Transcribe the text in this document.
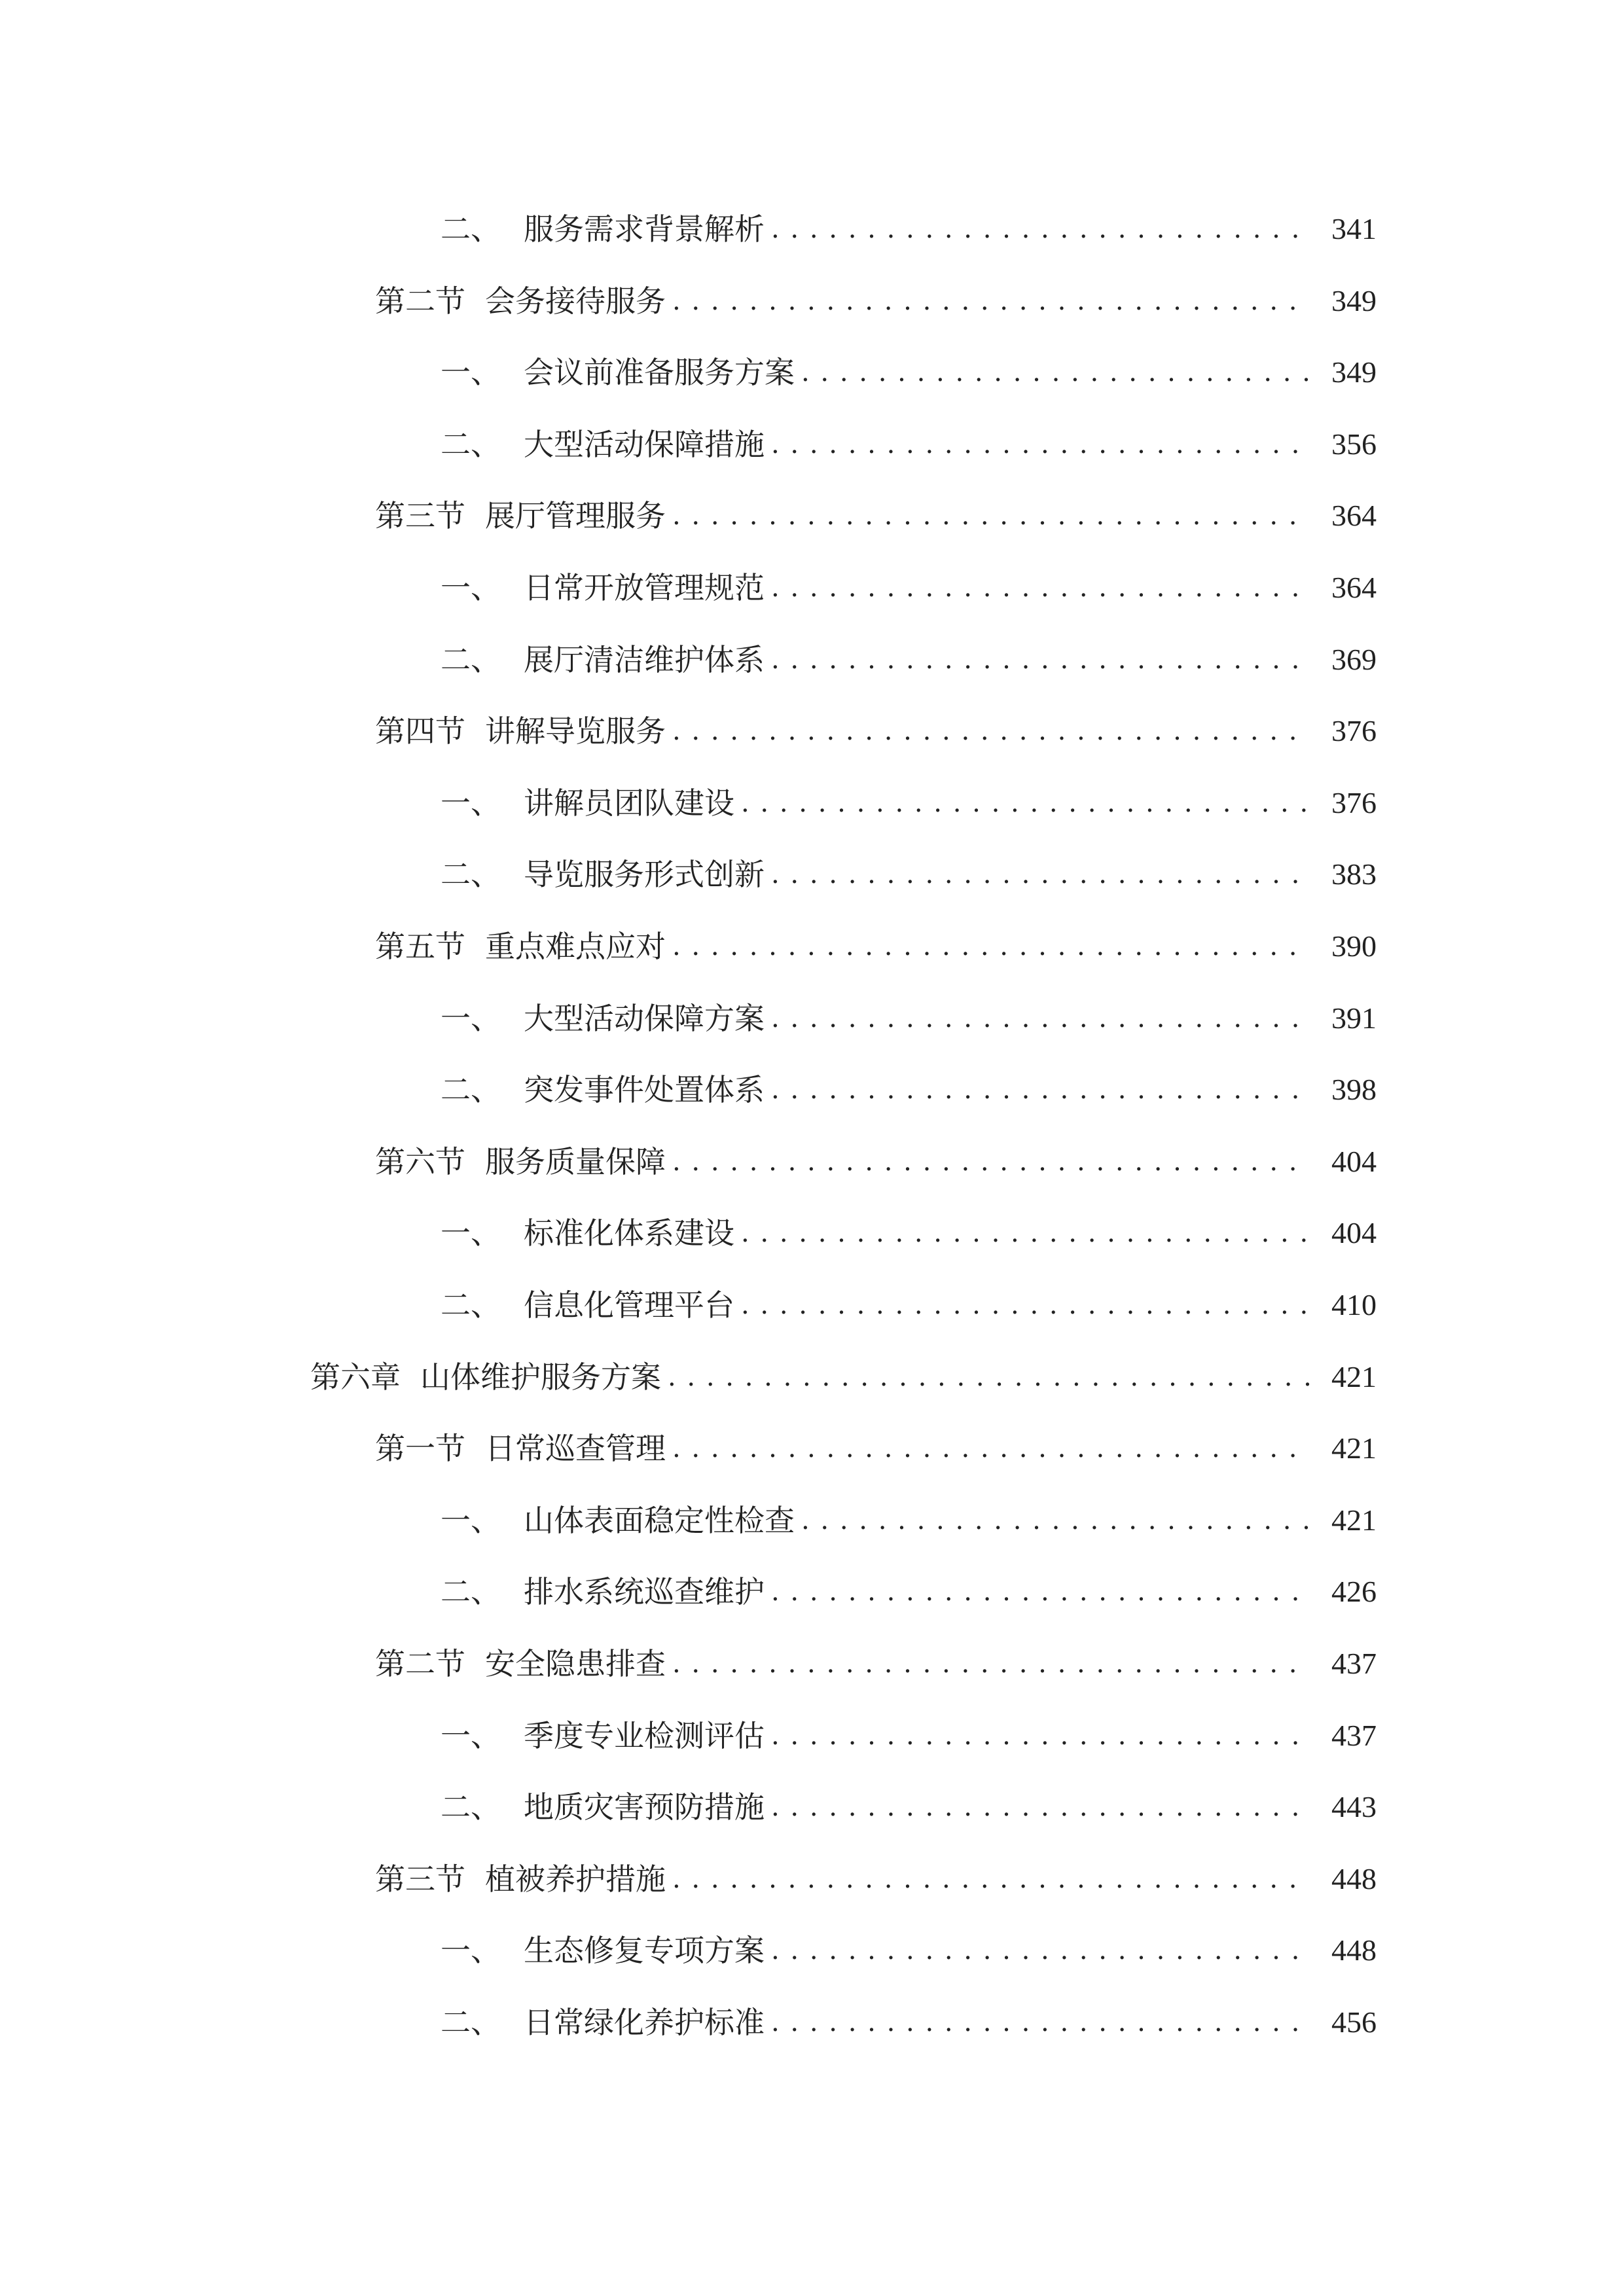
二、 服务需求背景解析 . . .	341
第二节 会务接待服务 . . .	349
一、 会议前准备服务方案 . . .	349
二、 大型活动保障措施 . . .	356
第三节 展厅管理服务 . . .	364
一、 日常开放管理规范 . . .	364
二、 展厅清洁维护体系 . . .	369
第四节 讲解导览服务 . . .	376
一、 讲解员团队建设 . . .	376
二、 导览服务形式创新 . . .	383
第五节 重点难点应对 . . .	390
一、 大型活动保障方案 . . .	391
二、 突发事件处置体系 . . .	398
第六节 服务质量保障 . . .	404
一、 标准化体系建设 . . .	404
二、 信息化管理平台 . . .	410
第六章 山体维护服务方案 . . .	421
第一节 日常巡查管理 . . .	421
一、 山体表面稳定性检查 . . .	421
二、 排水系统巡查维护 . . .	426
第二节 安全隐患排查 . . .	437
一、 季度专业检测评估 . . .	437
二、 地质灾害预防措施 . . .	443
第三节 植被养护措施 . . .	448
一、 生态修复专项方案 . . .	448
二、 日常绿化养护标准 . . .	456
